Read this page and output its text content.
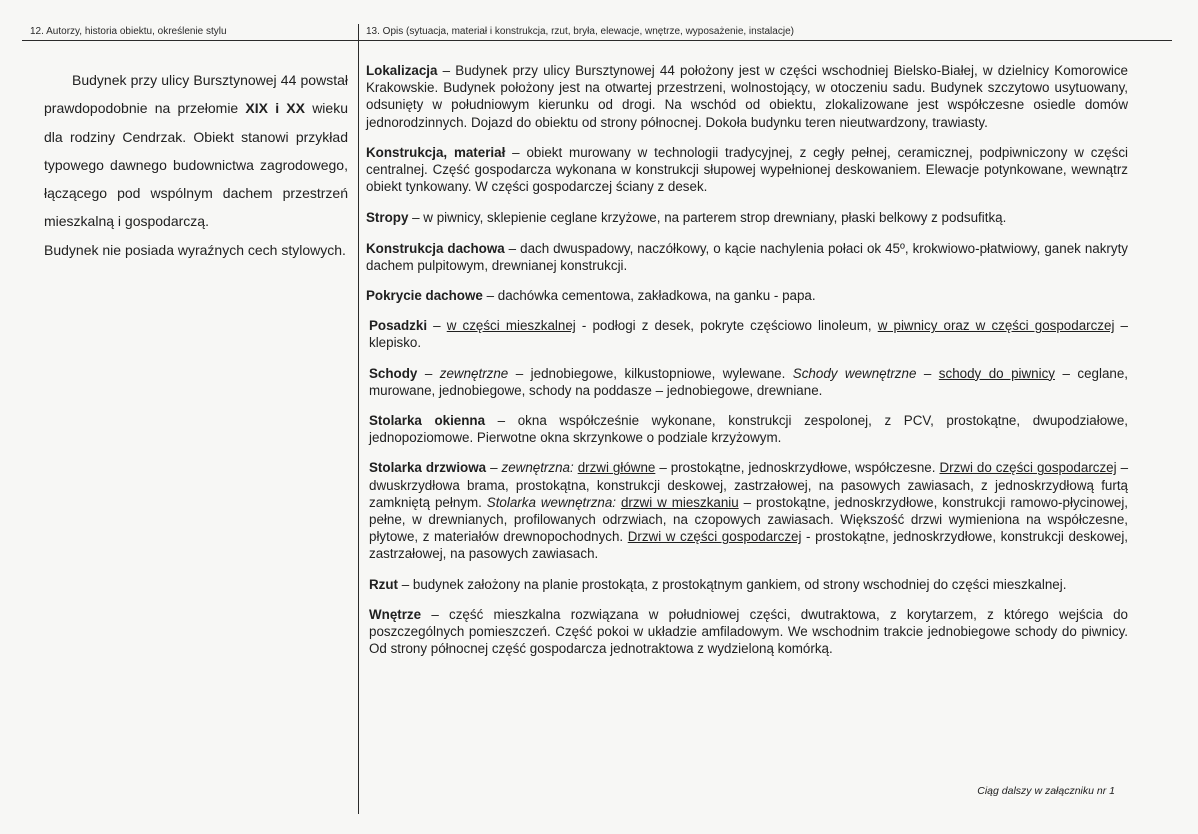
12. Autorzy, historia obiektu, określenie stylu	13. Opis (sytuacja, materiał i konstrukcja, rzut, bryła, elewacje, wnętrze, wyposażenie, instalacje)

Budynek przy ulicy Bursztynowej 44 powstał prawdopodobnie na przełomie XIX i XX wieku dla rodziny Cendrzak. Obiekt stanowi przykład typowego dawnego budownictwa zagrodowego, łączącego pod wspólnym dachem przestrzeń mieszkalną i gospodarczą.

Budynek nie posiada wyraźnych cech stylowych.

Lokalizacja – Budynek przy ulicy Bursztynowej 44 położony jest w części wschodniej Bielsko-Białej, w dzielnicy Komorowice Krakowskie. Budynek położony jest na otwartej przestrzeni, wolnostojący, w otoczeniu sadu. Budynek szczytowo usytuowany, odsunięty w południowym kierunku od drogi. Na wschód od obiektu, zlokalizowane jest współczesne osiedle domów jednorodzinnych. Dojazd do obiektu od strony północnej. Dokoła budynku teren nieutwardzony, trawiasty.

Konstrukcja, materiał – obiekt murowany w technologii tradycyjnej, z cegły pełnej, ceramicznej, podpiwniczony w części centralnej. Część gospodarcza wykonana w konstrukcji słupowej wypełnionej deskowaniem. Elewacje potynkowane, wewnątrz obiekt tynkowany. W części gospodarczej ściany z desek.

Stropy – w piwnicy, sklepienie ceglane krzyżowe, na parterem strop drewniany, płaski belkowy z podsufitką.

Konstrukcja dachowa – dach dwuspadowy, naczółkowy, o kącie nachylenia połaci ok 45º, krokwiowo-płatwiowy, ganek nakryty dachem pulpitowym, drewnianej konstrukcji.

Pokrycie dachowe – dachówka cementowa, zakładkowa, na ganku - papa.

Posadzki – w części mieszkalnej - podłogi z desek, pokryte częściowo linoleum, w piwnicy oraz w części gospodarczej – klepisko.

Schody – zewnętrzne – jednobiegowe, kilkustopniowe, wylewane. Schody wewnętrzne – schody do piwnicy – ceglane, murowane, jednobiegowe, schody na poddasze – jednobiegowe, drewniane.

Stolarka okienna – okna współcześnie wykonane, konstrukcji zespolonej, z PCV, prostokątne, dwupodziałowe, jednopoziomowe. Pierwotne okna skrzynkowe o podziale krzyżowym.

Stolarka drzwiowa – zewnętrzna: drzwi główne – prostokątne, jednoskrzydłowe, współczesne. Drzwi do części gospodarczej – dwuskrzydłowa brama, prostokątna, konstrukcji deskowej, zastrzałowej, na pasowych zawiasach, z jednoskrzydłową furtą zamkniętą pełnym. Stolarka wewnętrzna: drzwi w mieszkaniu – prostokątne, jednoskrzydłowe, konstrukcji ramowo-płycinowej, pełne, w drewnianych, profilowanych odrzwiach, na czopowych zawiasach. Większość drzwi wymieniona na współczesne, płytowe, z materiałów drewnopochodnych. Drzwi w części gospodarczej - prostokątne, jednoskrzydłowe, konstrukcji deskowej, zastrzałowej, na pasowych zawiasach.

Rzut – budynek założony na planie prostokąta, z prostokątnym gankiem, od strony wschodniej do części mieszkalnej.

Wnętrze – część mieszkalna rozwiązana w południowej części, dwutraktowa, z korytarzem, z którego wejścia do poszczególnych pomieszczeń. Część pokoi w układzie amfiladowym. We wschodnim trakcie jednobiegowe schody do piwnicy. Od strony północnej część gospodarcza jednotraktowa z wydzieloną komórką.

Ciąg dalszy w załączniku nr 1
